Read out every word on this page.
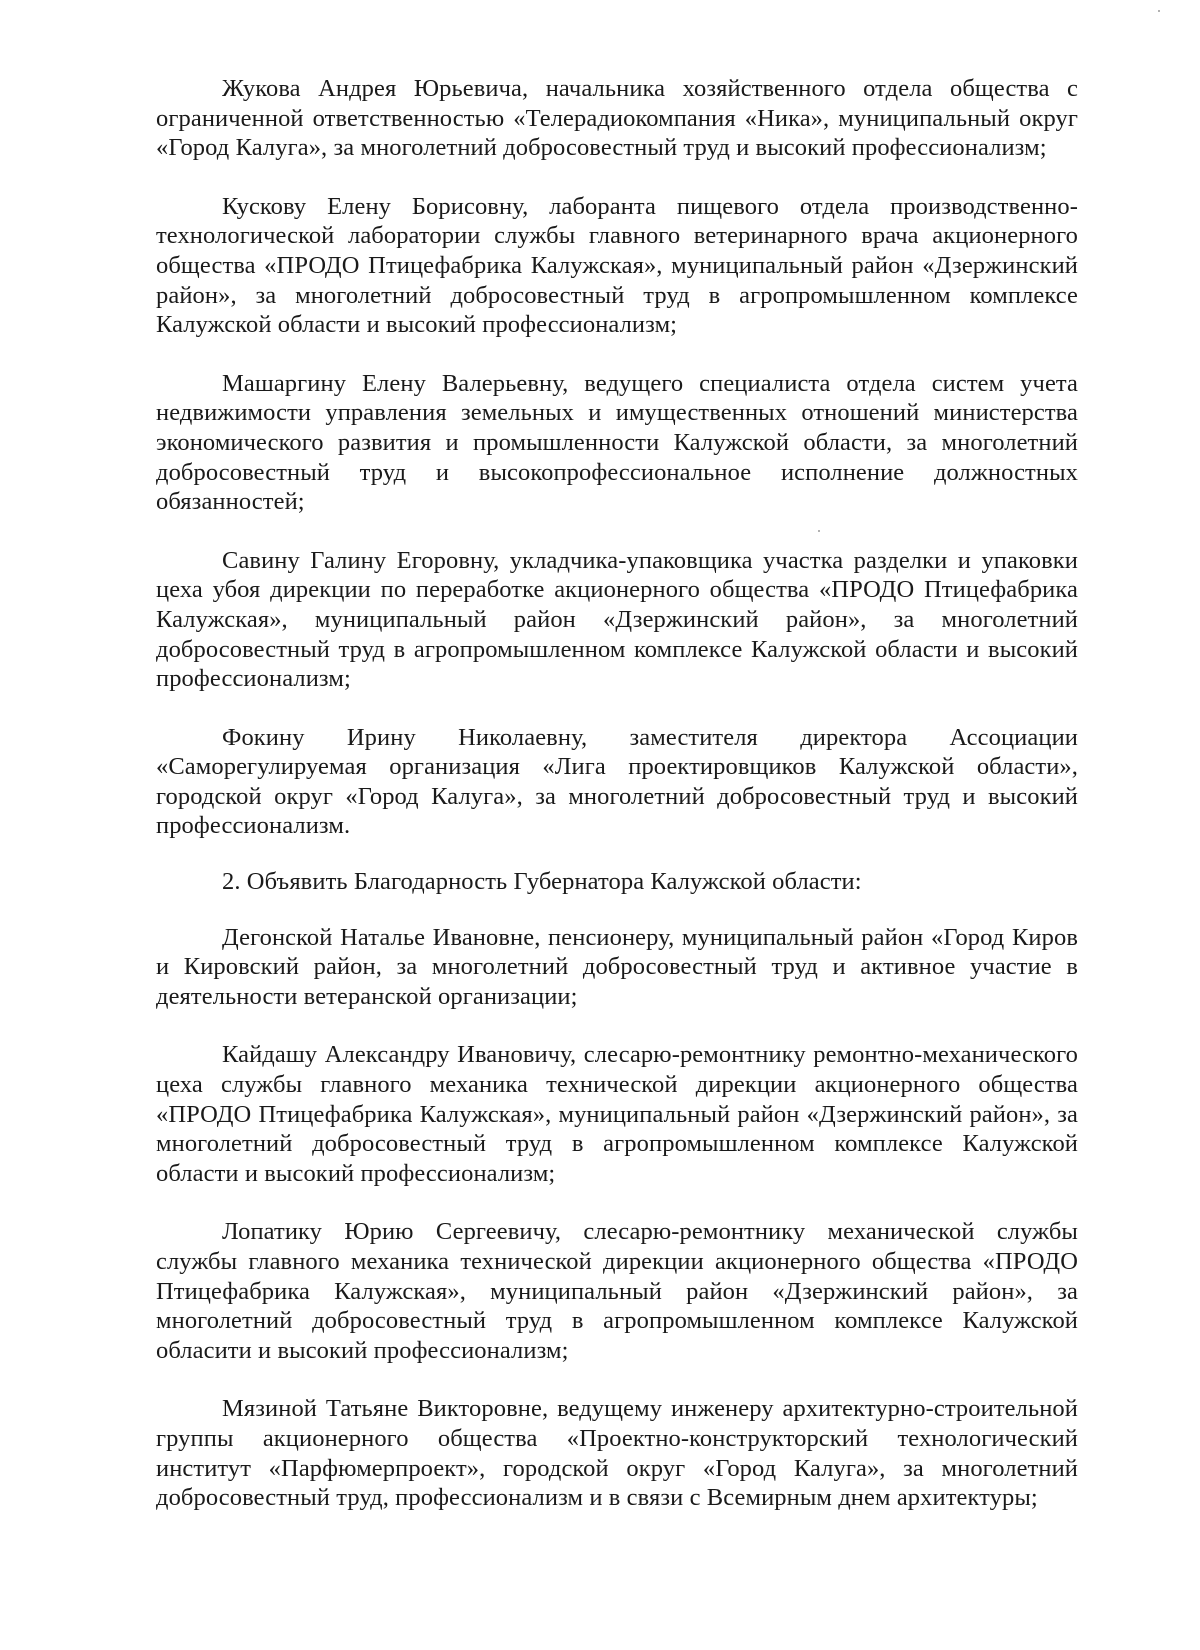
Жукова Андрея Юрьевича, начальника хозяйственного отдела общества с ограниченной ответственностью «Телерадиокомпания «Ника», муниципальный округ «Город Калуга», за многолетний добросовестный труд и высокий профессионализм;

Кускову Елену Борисовну, лаборанта пищевого отдела производственно-технологической лаборатории службы главного ветеринарного врача акционерного общества «ПРОДО Птицефабрика Калужская», муниципальный район «Дзержинский район», за многолетний добросовестный труд в агропромышленном комплексе Калужской области и высокий профессионализм;

Машаргину Елену Валерьевну, ведущего специалиста отдела систем учета недвижимости управления земельных и имущественных отношений министерства экономического развития и промышленности Калужской области, за многолетний добросовестный труд и высокопрофессиональное исполнение должностных обязанностей;

Савину Галину Егоровну, укладчика-упаковщика участка разделки и упаковки цеха убоя дирекции по переработке акционерного общества «ПРОДО Птицефабрика Калужская», муниципальный район «Дзержинский район», за многолетний добросовестный труд в агропромышленном комплексе Калужской области и высокий профессионализм;

Фокину Ирину Николаевну, заместителя директора Ассоциации «Саморегулируемая организация «Лига проектировщиков Калужской области», городской округ «Город Калуга», за многолетний добросовестный труд и высокий профессионализм.

2. Объявить Благодарность Губернатора Калужской области:

Дегонской Наталье Ивановне, пенсионеру, муниципальный район «Город Киров и Кировский район, за многолетний добросовестный труд и активное участие в деятельности ветеранской организации;

Кайдашу Александру Ивановичу, слесарю-ремонтнику ремонтно-механического цеха службы главного механика технической дирекции акционерного общества «ПРОДО Птицефабрика Калужская», муниципальный район «Дзержинский район», за многолетний добросовестный труд в агропромышленном комплексе Калужской области и высокий профессионализм;

Лопатику Юрию Сергеевичу, слесарю-ремонтнику механической службы службы главного механика технической дирекции акционерного общества «ПРОДО Птицефабрика Калужская», муниципальный район «Дзержинский район», за многолетний добросовестный труд в агропромышленном комплексе Калужской обласити и высокий профессионализм;

Мязиной Татьяне Викторовне, ведущему инженеру архитектурно-строительной группы акционерного общества «Проектно-конструкторский технологический институт «Парфюмерпроект», городской округ «Город Калуга», за многолетний добросовестный труд, профессионализм и в связи с Всемирным днем архитектуры;
